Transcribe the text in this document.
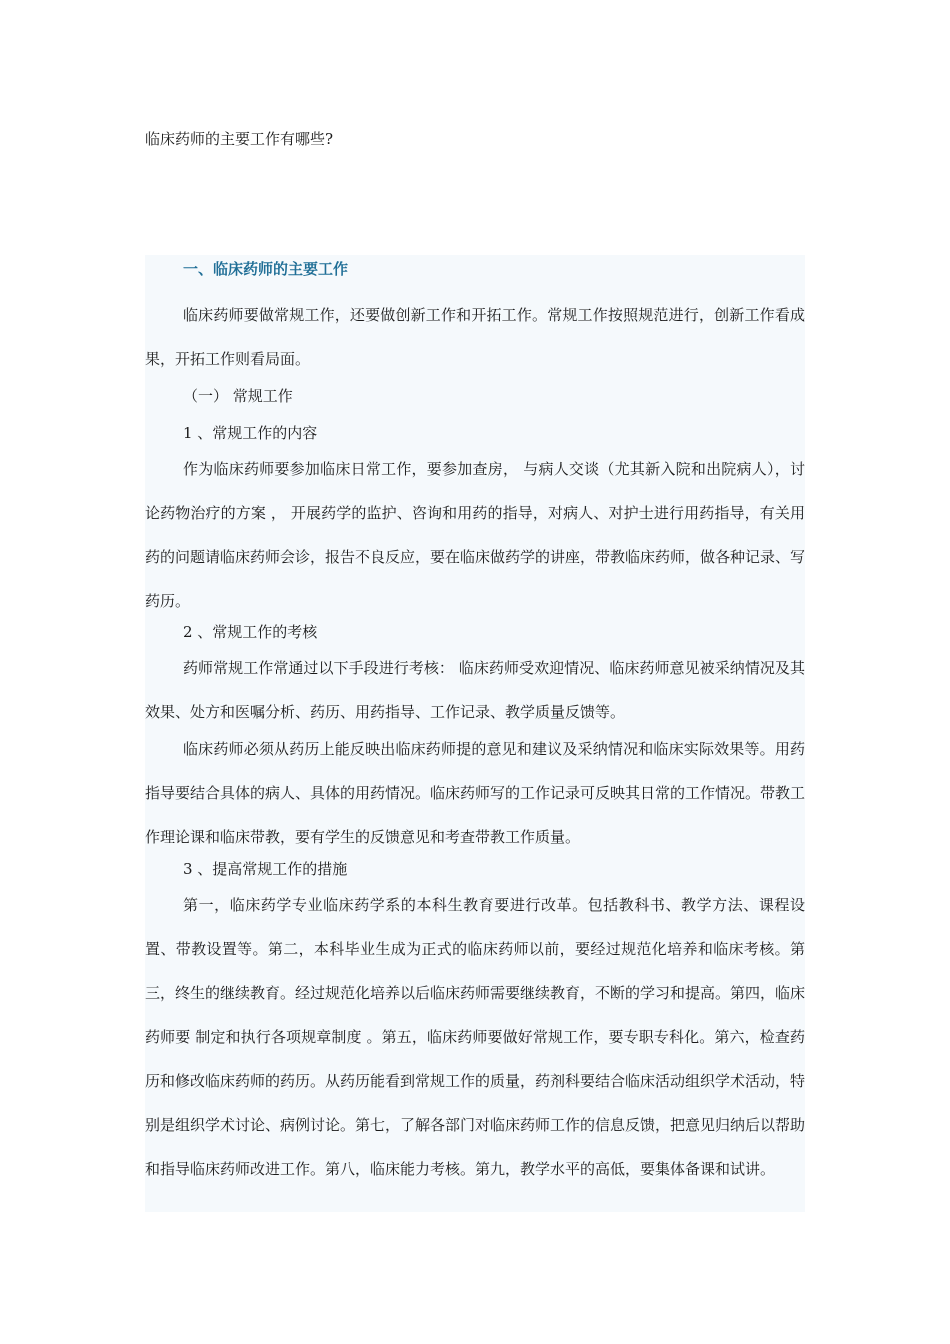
临床药师的主要工作有哪些?
一、临床药师的主要工作

临床药师要做常规工作，还要做创新工作和开拓工作。常规工作按照规范进行，创新工作看成果，开拓工作则看局面。

（一） 常规工作

1 、常规工作的内容

作为临床药师要参加临床日常工作，要参加查房， 与病人交谈（尤其新入院和出院病人），讨论药物治疗的方案 ， 开展药学的监护、咨询和用药的指导，对病人、对护士进行用药指导，有关用药的问题请临床药师会诊，报告不良反应，要在临床做药学的讲座，带教临床药师，做各种记录、写药历。

2 、常规工作的考核

药师常规工作常通过以下手段进行考核： 临床药师受欢迎情况、临床药师意见被采纳情况及其效果、处方和医嘱分析、药历、用药指导、工作记录、教学质量反馈等。

临床药师必须从药历上能反映出临床药师提的意见和建议及采纳情况和临床实际效果等。用药指导要结合具体的病人、具体的用药情况。临床药师写的工作记录可反映其日常的工作情况。带教工作理论课和临床带教，要有学生的反馈意见和考查带教工作质量。

3 、提高常规工作的措施

第一，临床药学专业临床药学系的本科生教育要进行改革。包括教科书、教学方法、课程设置、带教设置等。第二，本科毕业生成为正式的临床药师以前，要经过规范化培养和临床考核。第三，终生的继续教育。经过规范化培养以后临床药师需要继续教育，不断的学习和提高。第四，临床药师要 制定和执行各项规章制度 。第五，临床药师要做好常规工作，要专职专科化。第六，检查药历和修改临床药师的药历。从药历能看到常规工作的质量，药剂科要结合临床活动组织学术活动，特别是组织学术讨论、病例讨论。第七，了解各部门对临床药师工作的信息反馈，把意见归纳后以帮助和指导临床药师改进工作。第八，临床能力考核。第九，教学水平的高低，要集体备课和试讲。
